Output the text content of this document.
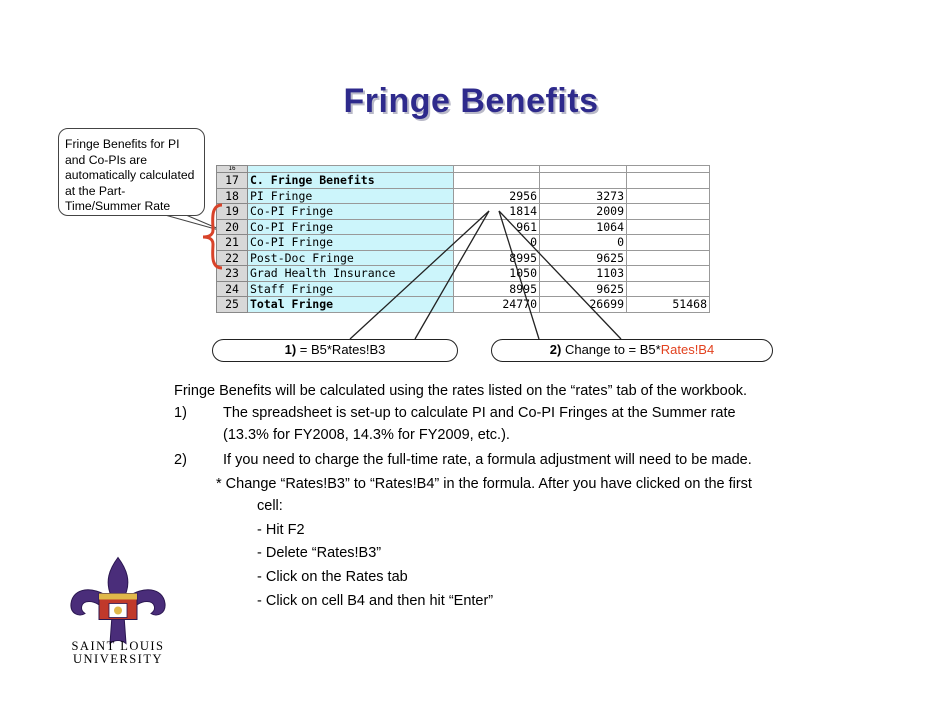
Fringe Benefits
Fringe Benefits for PI and Co-PIs are automatically calculated at the Part-Time/Summer Rate
16				
17	C. Fringe Benefits			
18	PI Fringe	2956	3273	
19	Co-PI Fringe	1814	2009	
20	Co-PI Fringe	961	1064	
21	Co-PI Fringe	0	0	
22	Post-Doc Fringe	8995	9625	
23	Grad Health Insurance	1050	1103	
24	Staff Fringe	8995	9625	
25	Total Fringe	24770	26699	51468
1) = B5*Rates!B3	2) Change to = B5*Rates!B4
Fringe Benefits will be calculated using the rates listed on the “rates” tab of the workbook.
1) The spreadsheet is set-up to calculate PI and Co-PI Fringes at the Summer rate
(13.3% for FY2008, 14.3% for FY2009, etc.).
2) If you need to charge the full-time rate, a formula adjustment will need to be made.
* Change “Rates!B3” to “Rates!B4” in the formula. After you have clicked on the first
cell:
- Hit F2
- Delete “Rates!B3”
- Click on the Rates tab
- Click on cell B4 and then hit “Enter”
SAINT LOUIS
UNIVERSITY
